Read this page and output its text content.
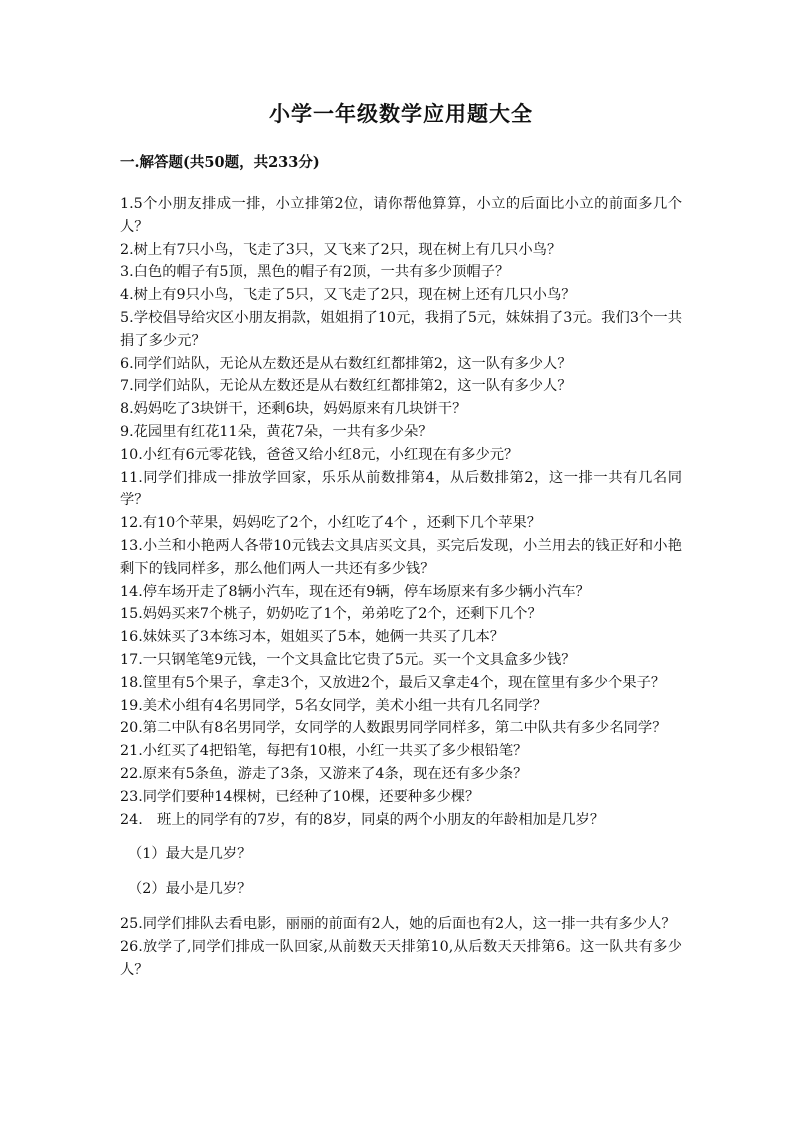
小学一年级数学应用题大全
一.解答题(共50题，共233分)

1.5个小朋友排成一排，小立排第2位，请你帮他算算，小立的后面比小立的前面多几个人？

2.树上有7只小鸟，飞走了3只，又飞来了2只，现在树上有几只小鸟？

3.白色的帽子有5顶，黑色的帽子有2顶，一共有多少顶帽子？

4.树上有9只小鸟，飞走了5只，又飞走了2只，现在树上还有几只小鸟？

5.学校倡导给灾区小朋友捐款，姐姐捐了10元，我捐了5元，妹妹捐了3元。我们3个一共捐了多少元？

6.同学们站队，无论从左数还是从右数红红都排第2，这一队有多少人？

7.同学们站队，无论从左数还是从右数红红都排第2，这一队有多少人？

8.妈妈吃了3块饼干，还剩6块，妈妈原来有几块饼干？

9.花园里有红花11朵，黄花7朵，一共有多少朵？

10.小红有6元零花钱，爸爸又给小红8元，小红现在有多少元？

11.同学们排成一排放学回家，乐乐从前数排第4，从后数排第2，这一排一共有几名同学？

12.有10个苹果，妈妈吃了2个，小红吃了4个 ，还剩下几个苹果？

13.小兰和小艳两人各带10元钱去文具店买文具，买完后发现，小兰用去的钱正好和小艳剩下的钱同样多，那么他们两人一共还有多少钱？

14.停车场开走了8辆小汽车，现在还有9辆，停车场原来有多少辆小汽车？

15.妈妈买来7个桃子，奶奶吃了1个，弟弟吃了2个，还剩下几个？

16.妹妹买了3本练习本，姐姐买了5本，她俩一共买了几本？

17.一只钢笔笔9元钱，一个文具盒比它贵了5元。买一个文具盒多少钱？

18.筐里有5个果子，拿走3个，又放进2个，最后又拿走4个，现在筐里有多少个果子？

19.美术小组有4名男同学，5名女同学，美术小组一共有几名同学？

20.第二中队有8名男同学，女同学的人数跟男同学同样多，第二中队共有多少名同学？

21.小红买了4把铅笔，每把有10根，小红一共买了多少根铅笔？

22.原来有5条鱼，游走了3条，又游来了4条，现在还有多少条？

23.同学们要种14棵树，已经种了10棵，还要种多少棵？

24.　班上的同学有的7岁，有的8岁，同桌的两个小朋友的年龄相加是几岁？

（1）最大是几岁？

（2）最小是几岁？

25.同学们排队去看电影，丽丽的前面有2人，她的后面也有2人，这一排一共有多少人？

26.放学了,同学们排成一队回家,从前数天天排第10,从后数天天排第6。这一队共有多少人？
